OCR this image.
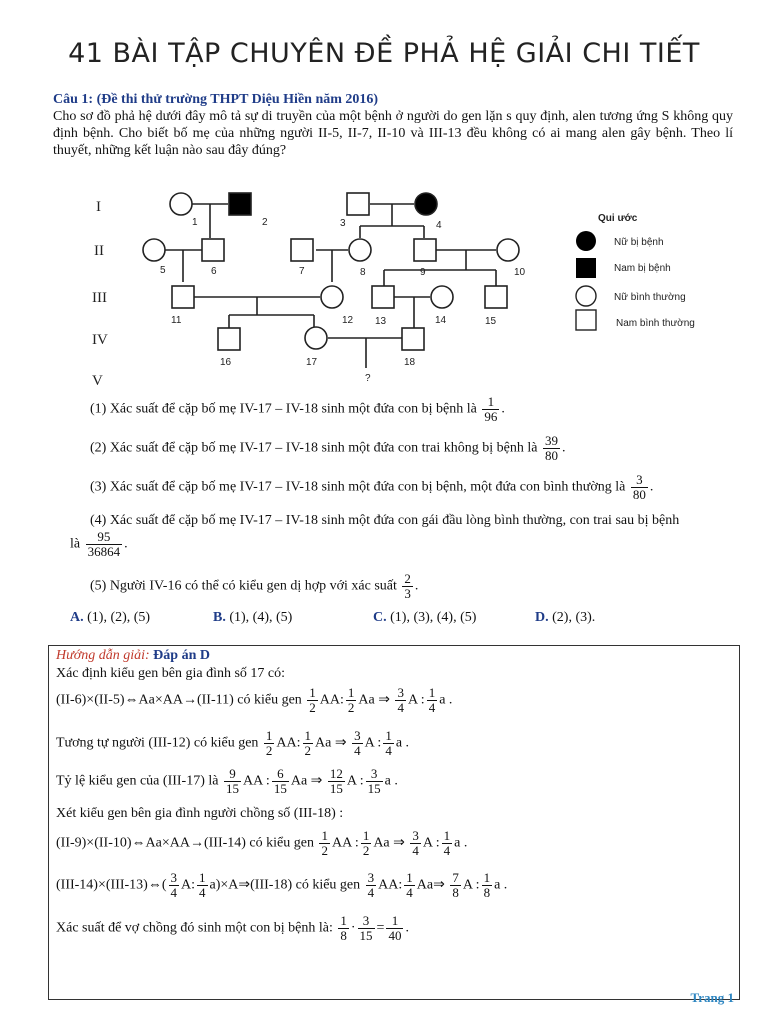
41 BÀI TẬP CHUYÊN ĐỀ PHẢ HỆ GIẢI CHI TIẾT
Câu 1: (Đề thi thử trường THPT Diệu Hiền năm 2016)
Cho sơ đồ phả hệ dưới đây mô tả sự di truyền của một bệnh ở người do gen lặn s quy định, alen tương ứng S không quy định bệnh. Cho biết bố mẹ của những người II-5, II-7, II-10 và III-13 đều không có ai mang alen gây bệnh. Theo lí thuyết, những kết luận nào sau đây đúng?
I
II
III
IV
V
1	2	3	4
5	6	7	8	9	10
11	12 13	14	15
16	17	18
?
Qui ước
Nữ bị bệnh
Nam bị bệnh
Nữ bình thường
Nam bình thường
(1) Xác suất để cặp bố mẹ IV-17 – IV-18 sinh một đứa con bị bệnh là $\frac{1}{96}$ .
(2) Xác suất để cặp bố mẹ IV-17 – IV-18 sinh một đứa con trai không bị bệnh là $\frac{39}{80}$ .
(3) Xác suất để cặp bố mẹ IV-17 – IV-18 sinh một đứa con bị bệnh, một đứa con bình thường là $\frac{3}{80}$ .
(4) Xác suất để cặp bố mẹ IV-17 – IV-18 sinh một đứa con gái đầu lòng bình thường, con trai sau bị bệnh
là $\frac{95}{36864}$ .
(5) Người IV-16 có thể có kiểu gen dị hợp với xác suất $\frac{2}{3}$ .
A. (1), (2), (5)	B. (1), (4), (5)	C. (1), (3), (4), (5)	D. (2), (3).
Hướng dẫn giải: Đáp án D
Xác định kiểu gen bên gia đình số 17 có:
(II-6)×(II-5)⇔Aa×AA→(II-11) có kiểu gen $\frac{1}{2}$ AA: $\frac{1}{2}$ Aa ⇒ $\frac{3}{4}$ A : $\frac{1}{4}$ a .
Tương tự người (III-12) có kiểu gen $\frac{1}{2}$ AA: $\frac{1}{2}$ Aa ⇒ $\frac{3}{4}$ A : $\frac{1}{4}$ a .
Tỷ lệ kiểu gen của (III-17) là $\frac{9}{15}$ AA : $\frac{6}{15}$ Aa ⇒ $\frac{12}{15}$ A : $\frac{3}{15}$ a .
Xét kiểu gen bên gia đình người chồng số (III-18) :
(II-9)×(II-10)⇔Aa×AA→(III-14) có kiểu gen $\frac{1}{2}$ AA : $\frac{1}{2}$ Aa ⇒ $\frac{3}{4}$ A : $\frac{1}{4}$ a .
(III-14)×(III-13)⇔( $\frac{3}{4} A$: $\frac{1}{4}$ a)×A⇒(III-18) có kiểu gen $\frac{3}{4}$ AA: $\frac{1}{4}$ Aa⇒ $\frac{7}{8}$ A : $\frac{1}{8}$ a .
Xác suất để vợ chồng đó sinh một con bị bệnh là: $\frac{1}{8} \cdot \frac{3}{15} = \frac{1}{40}$ .
Trang 1
